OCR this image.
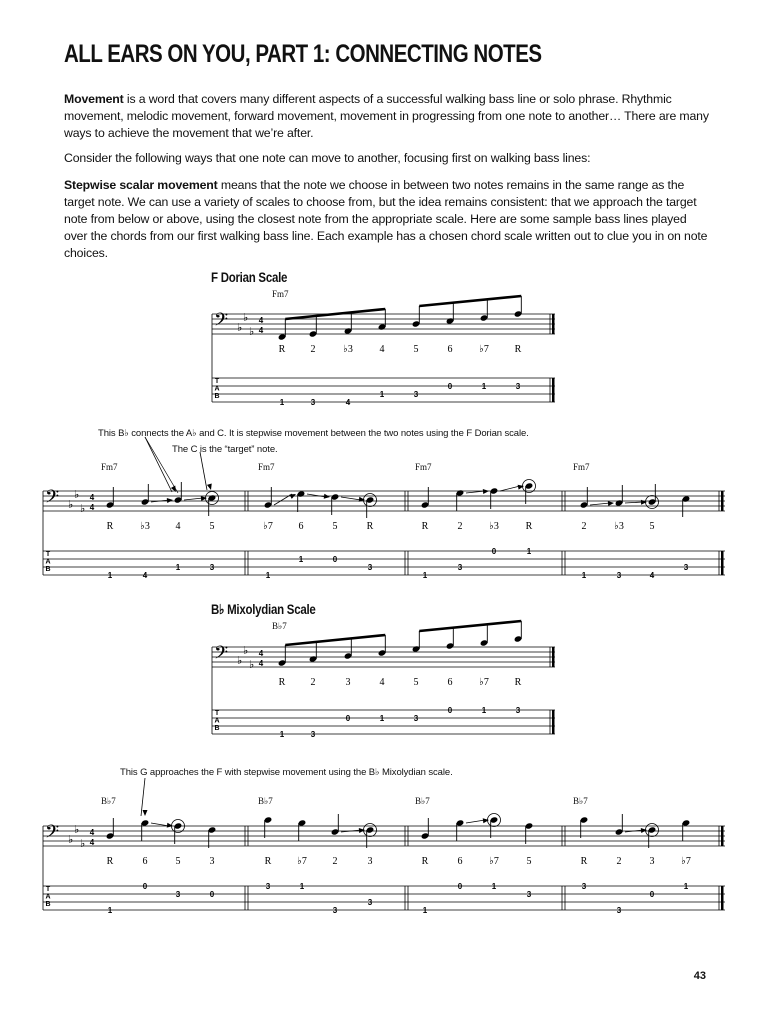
ALL EARS ON YOU, PART 1: CONNECTING NOTES
Movement is a word that covers many different aspects of a successful walking bass line or solo phrase. Rhythmic movement, melodic movement, forward movement, movement in progressing from one note to another… There are many ways to achieve the movement that we’re after.
Consider the following ways that one note can move to another, focusing first on walking bass lines:
Stepwise scalar movement means that the note we choose in between two notes remains in the same range as the target note. We can use a variety of scales to choose from, but the idea remains consistent: that we approach the target note from below or above, using the closest note from the appropriate scale. Here are some sample bass lines played over the chords from our first walking bass line. Each example has a chosen chord scale written out to clue you in on note choices.
F Dorian Scale
Fm7
This B♭ connects the A♭ and C. It is stepwise movement between the two notes using the F Dorian scale.
The C is the “target” note.
Fm7	Fm7	Fm7	Fm7
B♭ Mixolydian Scale
B♭7
This G approaches the F with stepwise movement using the B♭ Mixolydian scale.
B♭7	B♭7	B♭7	B♭7
43
𝄢 ♭
♭
♭
4
4
T
A
B
R
1
2
3
♭3
4
4
1
5
3
6
0
♭7
1
R
3
𝄢 ♭
♭
♭
4
4
T
A
B
R
1
2
3
3
0
4
1
5
3
6
0
♭7
1
R
3
𝄢 ♭
♭
♭
4
4
T
A
B
R
1
♭3
4
4
1
5
3
♭7
1
6
1
5
0
R
3
R
1
2
3
♭3
0
R
1
2
1
♭3
3
5
4
3
𝄢 ♭
♭
♭
4
4
T
A
B
R
1
6
0
5
3
3
0
R
3
♭7
1
2
3
3
3
R
1
6
0
♭7
1
5
3
R
3
2
3
3
0
♭7
1
